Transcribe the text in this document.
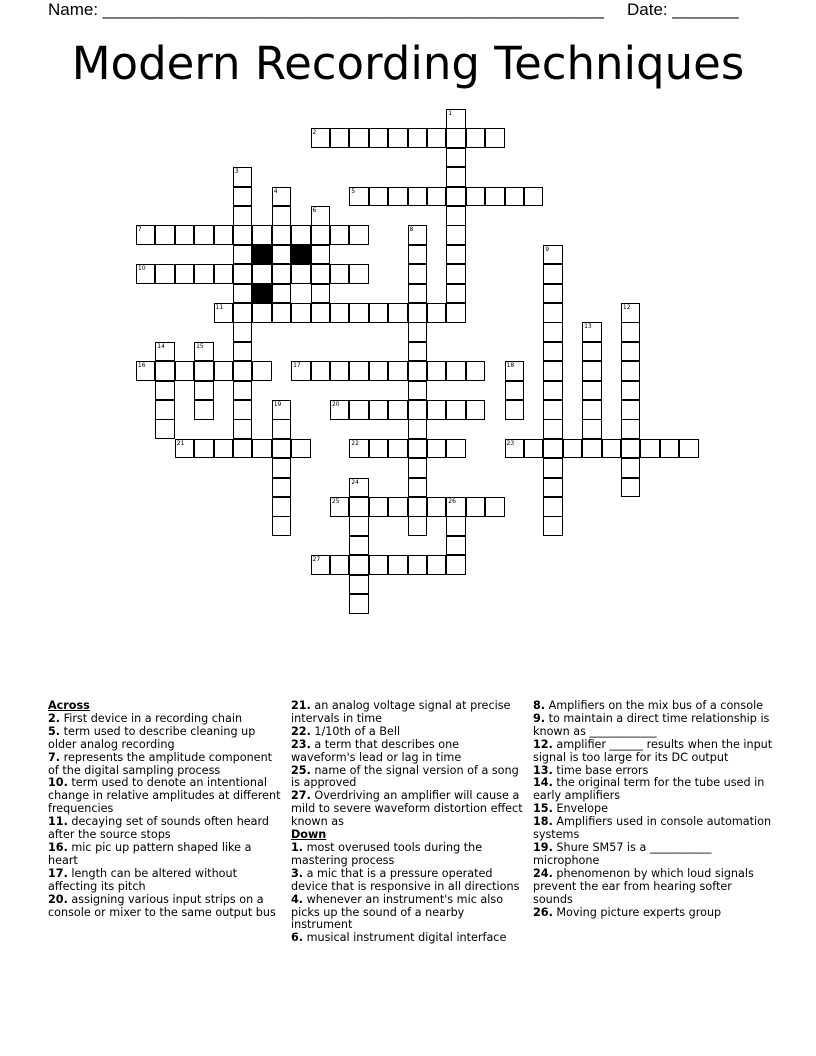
Name: _____________________________________________________ Date: _______
Modern Recording Techniques
1
2
3
4	5
6
7	8
9
10
11	12
13
14	15
16	17	18
19	20
21	22	23
24
25	26
27

Across

2. First device in a recording chain

5. term used to describe cleaning up older analog recording

7. represents the amplitude component of the digital sampling process

10. term used to denote an intentional change in relative amplitudes at different frequencies

11. decaying set of sounds often heard after the source stops

16. mic pic up pattern shaped like a heart

17. length can be altered without affecting its pitch

20. assigning various input strips on a console or mixer to the same output bus

21. an analog voltage signal at precise intervals in time

22. 1/10th of a Bell

23. a term that describes one waveform's lead or lag in time

25. name of the signal version of a song is approved

27. Overdriving an amplifier will cause a mild to severe waveform distortion effect known as

Down

1. most overused tools during the mastering process

3. a mic that is a pressure operated device that is responsive in all directions

4. whenever an instrument's mic also picks up the sound of a nearby instrument

6. musical instrument digital interface

8. Amplifiers on the mix bus of a console

9. to maintain a direct time relationship is known as ____________

12. amplifier ______ results when the input signal is too large for its DC output

13. time base errors

14. the original term for the tube used in early amplifiers

15. Envelope

18. Amplifiers used in console automation systems

19. Shure SM57 is a ___________ microphone

24. phenomenon by which loud signals prevent the ear from hearing softer sounds

26. Moving picture experts group
